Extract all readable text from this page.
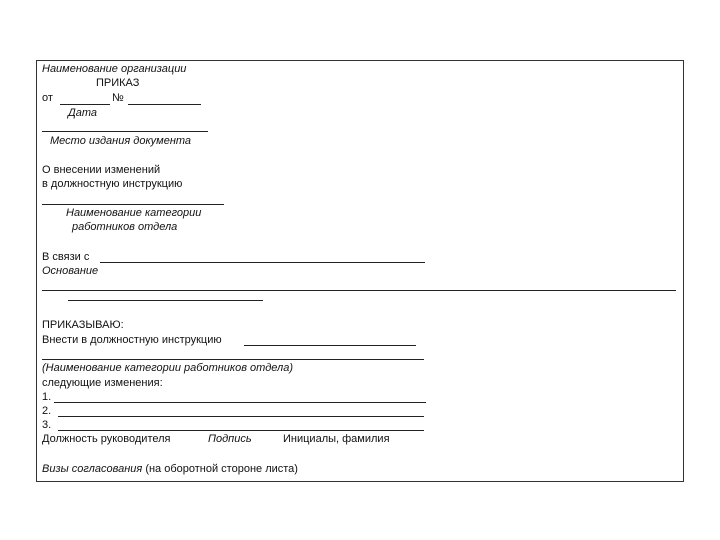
Наименование организации
ПРИКАЗ
от	№
Дата
Место издания документа
О внесении изменений
в должностную инструкцию
Наименование категории
работников отдела
В связи с
Основание
ПРИКАЗЫВАЮ:
Внести в должностную инструкцию
(Наименование категории работников отдела)
следующие изменения:
1.
2.
3.
Должность руководителя	Подпись	Инициалы, фамилия
Визы согласования (на оборотной стороне листа)
